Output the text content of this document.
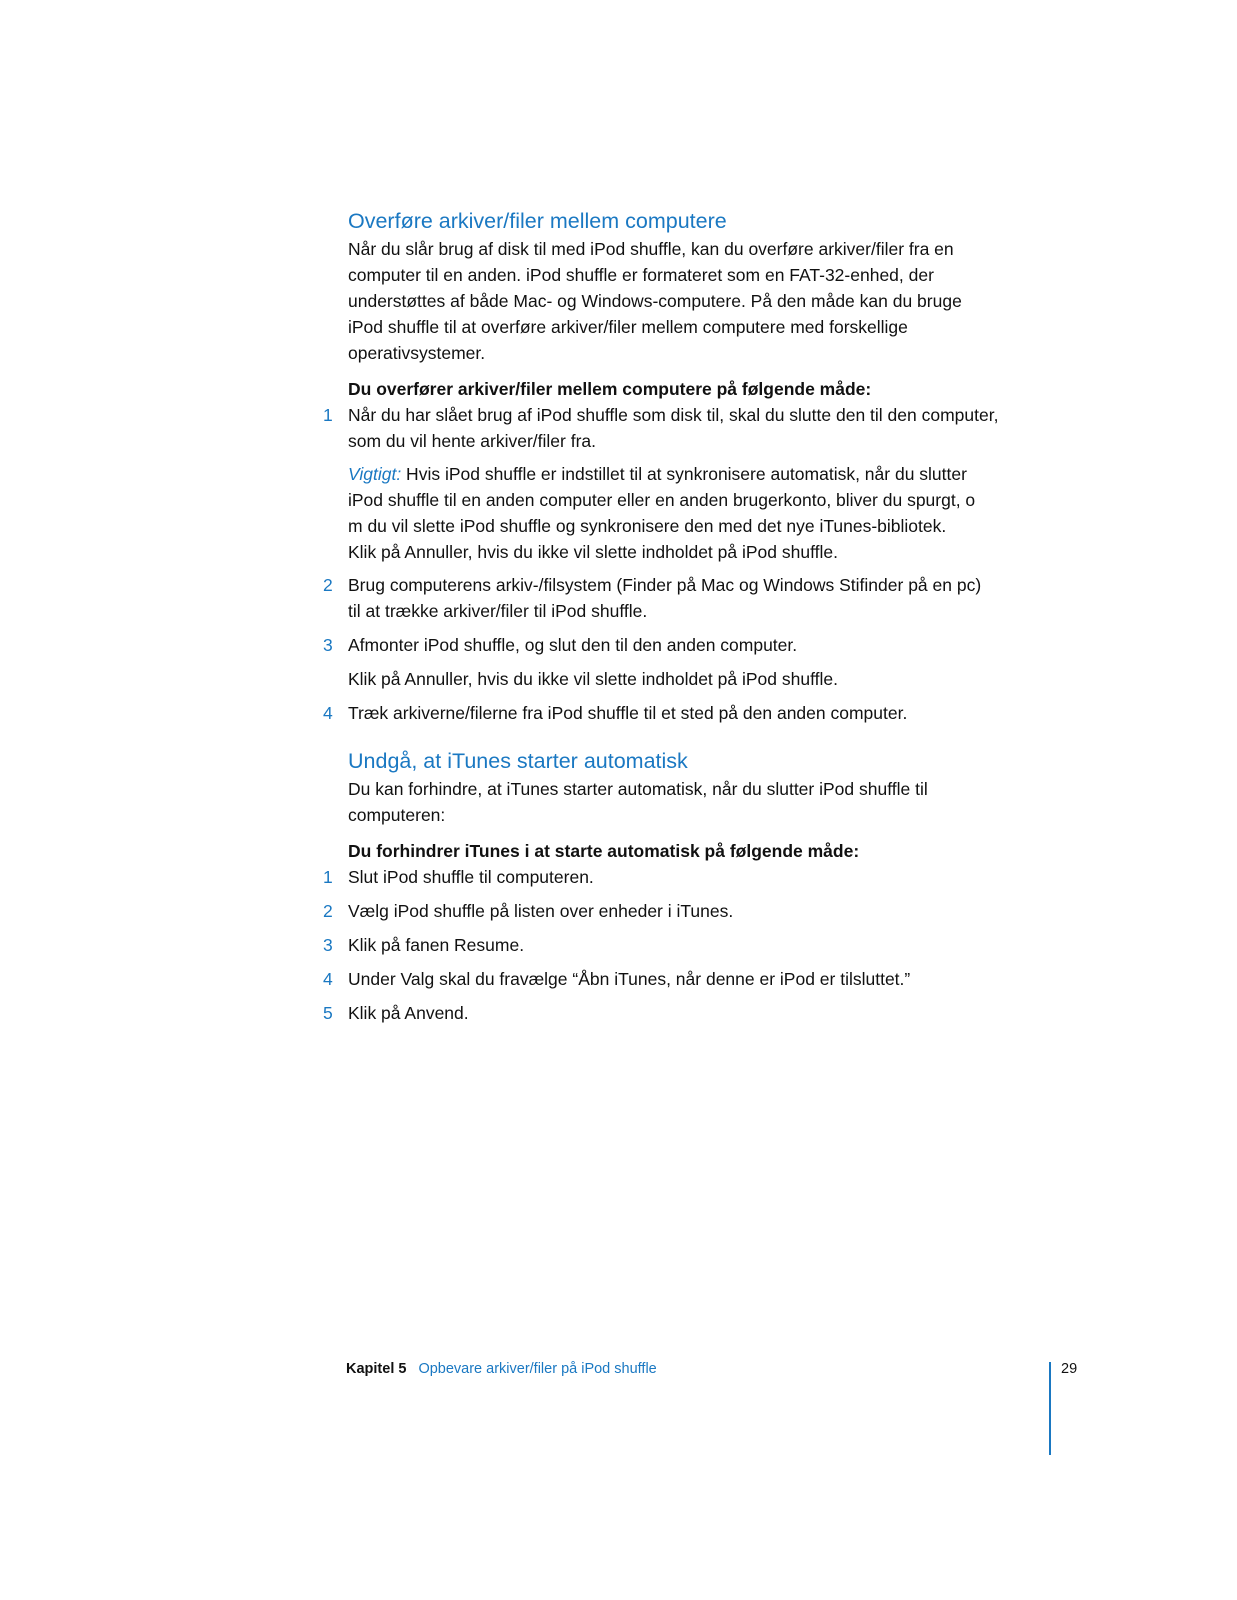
Overføre arkiver/filer mellem computere
Når du slår brug af disk til med iPod shuffle, kan du overføre arkiver/filer fra en
computer til en anden. iPod shuffle er formateret som en FAT-32-enhed, der
understøttes af både Mac- og Windows-computere. På den måde kan du bruge
iPod shuffle til at overføre arkiver/filer mellem computere med forskellige
operativsystemer.
Du overfører arkiver/filer mellem computere på følgende måde:
1 Når du har slået brug af iPod shuffle som disk til, skal du slutte den til den computer,
som du vil hente arkiver/filer fra.
Vigtigt: Hvis iPod shuffle er indstillet til at synkronisere automatisk, når du slutter
iPod shuffle til en anden computer eller en anden brugerkonto, bliver du spurgt, o
m du vil slette iPod shuffle og synkronisere den med det nye iTunes-bibliotek.
Klik på Annuller, hvis du ikke vil slette indholdet på iPod shuffle.
2 Brug computerens arkiv-/filsystem (Finder på Mac og Windows Stifinder på en pc)
til at trække arkiver/filer til iPod shuffle.
3 Afmonter iPod shuffle, og slut den til den anden computer.
Klik på Annuller, hvis du ikke vil slette indholdet på iPod shuffle.
4 Træk arkiverne/filerne fra iPod shuffle til et sted på den anden computer.
Undgå, at iTunes starter automatisk
Du kan forhindre, at iTunes starter automatisk, når du slutter iPod shuffle til
computeren:
Du forhindrer iTunes i at starte automatisk på følgende måde:
1 Slut iPod shuffle til computeren.
2 Vælg iPod shuffle på listen over enheder i iTunes.
3 Klik på fanen Resume.
4 Under Valg skal du fravælge “Åbn iTunes, når denne er iPod er tilsluttet.”
5 Klik på Anvend.
Kapitel 5 Opbevare arkiver/filer på iPod shuffle	29
